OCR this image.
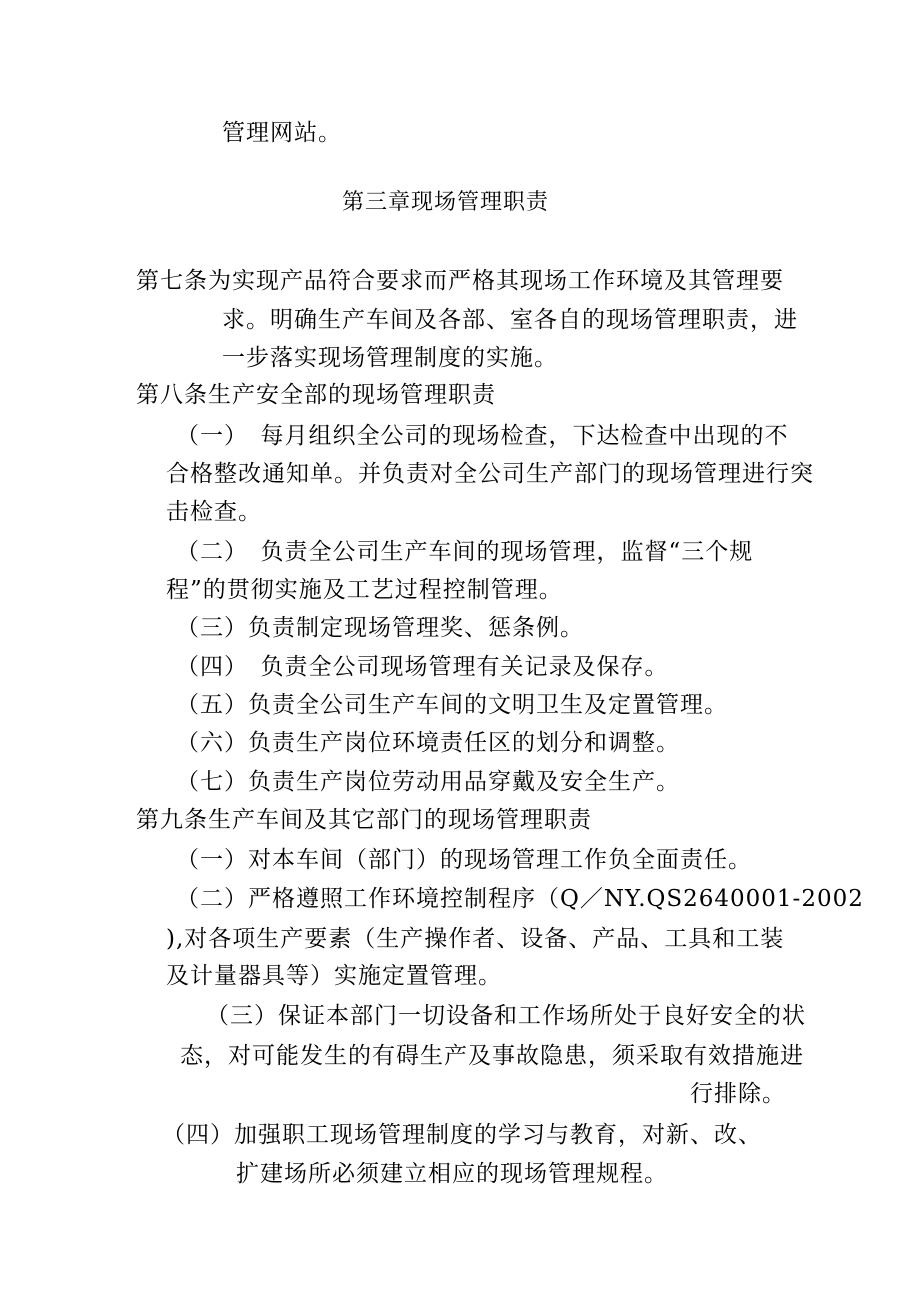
管理网站。

第三章现场管理职责

第七条为实现产品符合要求而严格其现场工作环境及其管理要

求。明确生产车间及各部、室各自的现场管理职责，进

一步落实现场管理制度的实施。

第八条生产安全部的现场管理职责

（一）　每月组织全公司的现场检查，下达检查中出现的不

合格整改通知单。并负责对全公司生产部门的现场管理进行突

击检查。

（二）　负责全公司生产车间的现场管理，监督“三个规

程”的贯彻实施及工艺过程控制管理。

（三）负责制定现场管理奖、惩条例。

（四）　负责全公司现场管理有关记录及保存。

（五）负责全公司生产车间的文明卫生及定置管理。

（六）负责生产岗位环境责任区的划分和调整。

（七）负责生产岗位劳动用品穿戴及安全生产。

第九条生产车间及其它部门的现场管理职责

（一）对本车间（部门）的现场管理工作负全面责任。

（二）严格遵照工作环境控制程序（Q／NY.QS2640001-2002

),对各项生产要素（生产操作者、设备、产品、工具和工装

及计量器具等）实施定置管理。

（三）保证本部门一切设备和工作场所处于良好安全的状

态，对可能发生的有碍生产及事故隐患，须采取有效措施进

行排除。

（四）加强职工现场管理制度的学习与教育，对新、改、

扩建场所必须建立相应的现场管理规程。
